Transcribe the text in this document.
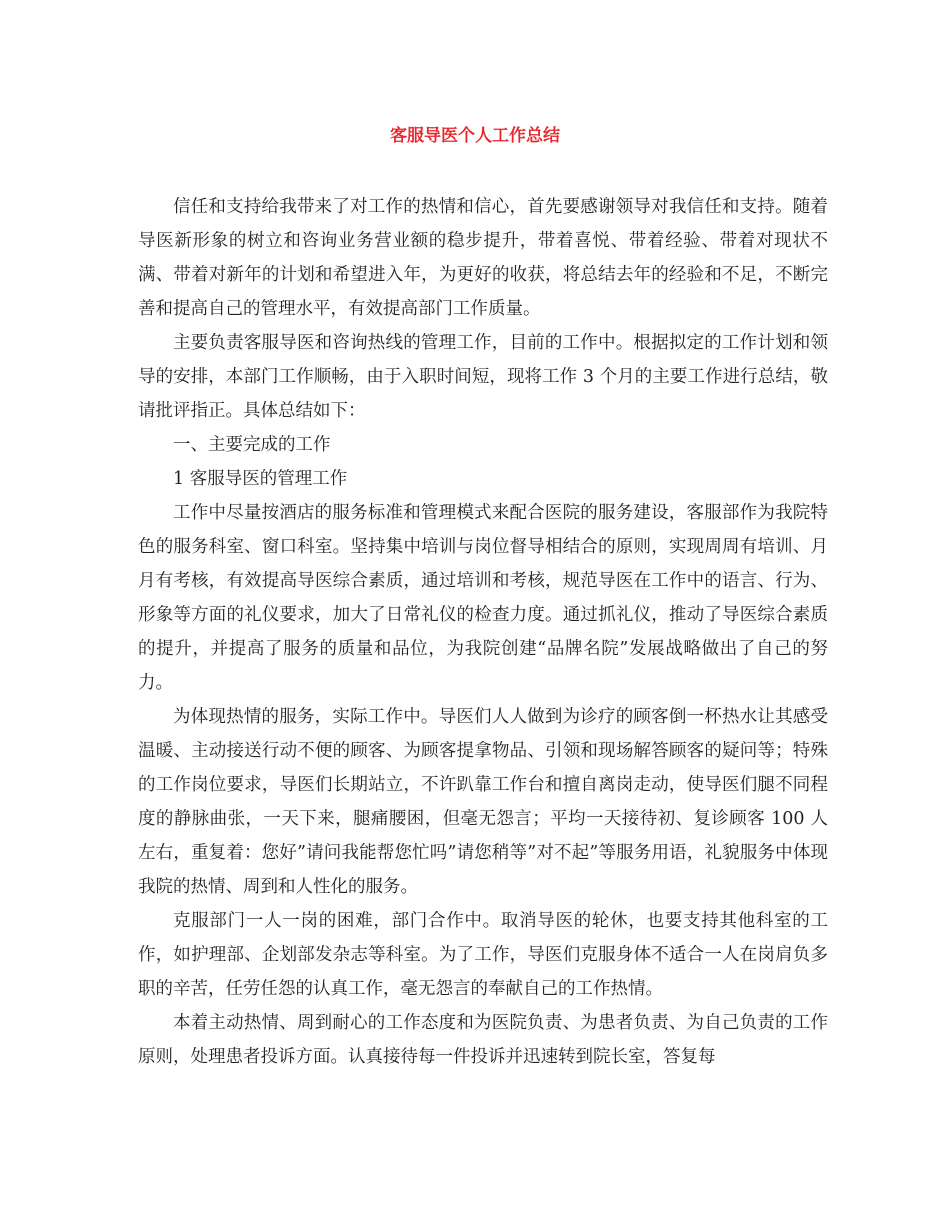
客服导医个人工作总结

信任和支持给我带来了对工作的热情和信心，首先要感谢领导对我信任和支持。随着导医新形象的树立和咨询业务营业额的稳步提升，带着喜悦、带着经验、带着对现状不满、带着对新年的计划和希望进入年，为更好的收获，将总结去年的经验和不足，不断完善和提高自己的管理水平，有效提高部门工作质量。

主要负责客服导医和咨询热线的管理工作，目前的工作中。根据拟定的工作计划和领导的安排，本部门工作顺畅，由于入职时间短，现将工作 3 个月的主要工作进行总结，敬请批评指正。具体总结如下：

一、主要完成的工作

1 客服导医的管理工作

工作中尽量按酒店的服务标准和管理模式来配合医院的服务建设，客服部作为我院特色的服务科室、窗口科室。坚持集中培训与岗位督导相结合的原则，实现周周有培训、月月有考核，有效提高导医综合素质，通过培训和考核，规范导医在工作中的语言、行为、形象等方面的礼仪要求，加大了日常礼仪的检查力度。通过抓礼仪，推动了导医综合素质的提升，并提高了服务的质量和品位，为我院创建“品牌名院”发展战略做出了自己的努力。

为体现热情的服务，实际工作中。导医们人人做到为诊疗的顾客倒一杯热水让其感受温暖、主动接送行动不便的顾客、为顾客提拿物品、引领和现场解答顾客的疑问等；特殊的工作岗位要求，导医们长期站立，不许趴靠工作台和擅自离岗走动，使导医们腿不同程度的静脉曲张，一天下来，腿痛腰困，但毫无怨言；平均一天接待初、复诊顾客 100 人左右，重复着：您好”请问我能帮您忙吗”请您稍等”对不起”等服务用语，礼貌服务中体现我院的热情、周到和人性化的服务。

克服部门一人一岗的困难，部门合作中。取消导医的轮休，也要支持其他科室的工作，如护理部、企划部发杂志等科室。为了工作，导医们克服身体不适合一人在岗肩负多职的辛苦，任劳任怨的认真工作，毫无怨言的奉献自己的工作热情。

本着主动热情、周到耐心的工作态度和为医院负责、为患者负责、为自己负责的工作原则，处理患者投诉方面。认真接待每一件投诉并迅速转到院长室，答复每
